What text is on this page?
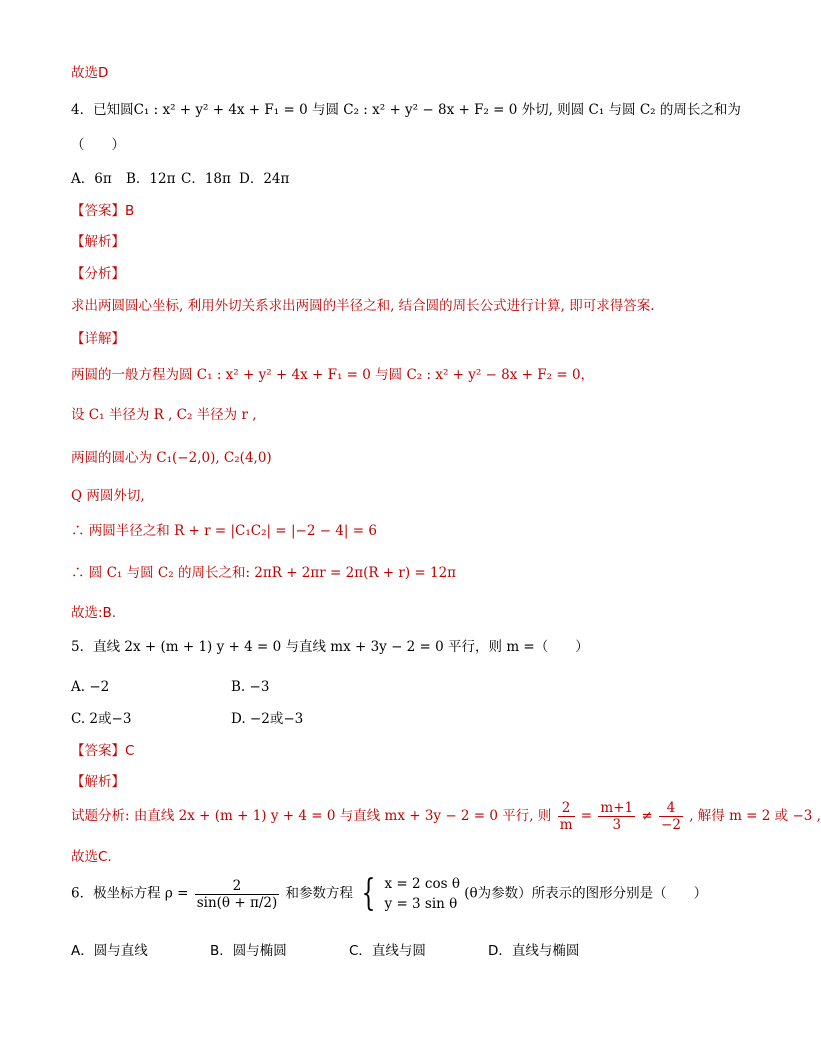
故选D
4．已知圆C₁ : x² + y² + 4x + F₁ = 0 与圆 C₂ : x² + y² − 8x + F₂ = 0 外切, 则圆 C₁ 与圆 C₂ 的周长之和为
（　　）
A．6π B．12π C．18π D．24π
【答案】B
【解析】
【分析】
求出两圆圆心坐标, 利用外切关系求出两圆的半径之和, 结合圆的周长公式进行计算, 即可求得答案.
【详解】
两圆的一般方程为圆 C₁ : x² + y² + 4x + F₁ = 0 与圆 C₂ : x² + y² − 8x + F₂ = 0，
设 C₁ 半径为 R , C₂ 半径为 r ,
两圆的圆心为 C₁(−2,0), C₂(4,0)
Q 两圆外切,
∴ 两圆半径之和 R + r = |C₁C₂| = |−2 − 4| = 6
∴ 圆 C₁ 与圆 C₂ 的周长之和: 2πR + 2πr = 2π(R + r) = 12π
故选:B.
5．直线 2x + (m + 1) y + 4 = 0 与直线 mx + 3y − 2 = 0 平行，则 m =（　　）
A. −2	B. −3
C. 2或−3	D. −2或−3
【答案】C
【解析】
试题分析: 由直线 2x + (m + 1) y + 4 = 0 与直线 mx + 3y − 2 = 0 平行, 则 $\frac{2}{m} = \frac{m+1}{3} \ne \frac{4}{-2}$ , 解得 m = 2 或 −3 ,
故选C.
6．极坐标方程 $\rho = \frac{2}{\sin(\theta + \pi/2)}$ 和参数方程 { x = 2 cos θ
y = 3 sin θ
(θ为参数）所表示的图形分别是（　　）
A．圆与直线	B．圆与椭圆	C．直线与圆	D．直线与椭圆
